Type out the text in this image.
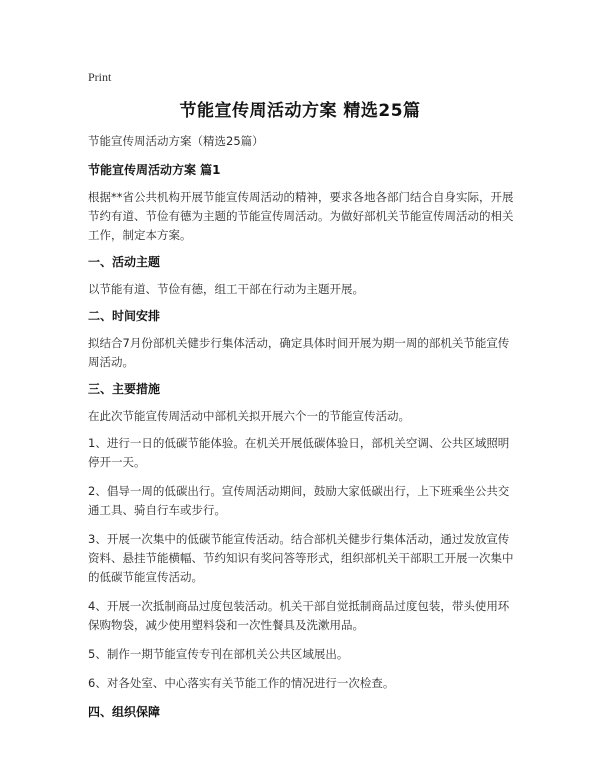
Print
节能宣传周活动方案 精选25篇

节能宣传周活动方案（精选25篇）

节能宣传周活动方案 篇1

根据**省公共机构开展节能宣传周活动的精神，要求各地各部门结合自身实际，开展节约有道、节俭有德为主题的节能宣传周活动。为做好部机关节能宣传周活动的相关工作，制定本方案。

一、活动主题

以节能有道、节俭有德，组工干部在行动为主题开展。

二、时间安排

拟结合7月份部机关健步行集体活动，确定具体时间开展为期一周的部机关节能宣传周活动。

三、主要措施

在此次节能宣传周活动中部机关拟开展六个一的节能宣传活动。

1、进行一日的低碳节能体验。在机关开展低碳体验日，部机关空调、公共区域照明停开一天。

2、倡导一周的低碳出行。宣传周活动期间，鼓励大家低碳出行，上下班乘坐公共交通工具、骑自行车或步行。

3、开展一次集中的低碳节能宣传活动。结合部机关健步行集体活动，通过发放宣传资料、悬挂节能横幅、节约知识有奖问答等形式，组织部机关干部职工开展一次集中的低碳节能宣传活动。

4、开展一次抵制商品过度包装活动。机关干部自觉抵制商品过度包装，带头使用环保购物袋，减少使用塑料袋和一次性餐具及洗漱用品。

5、制作一期节能宣传专刊在部机关公共区域展出。

6、对各处室、中心落实有关节能工作的情况进行一次检查。

四、组织保障
